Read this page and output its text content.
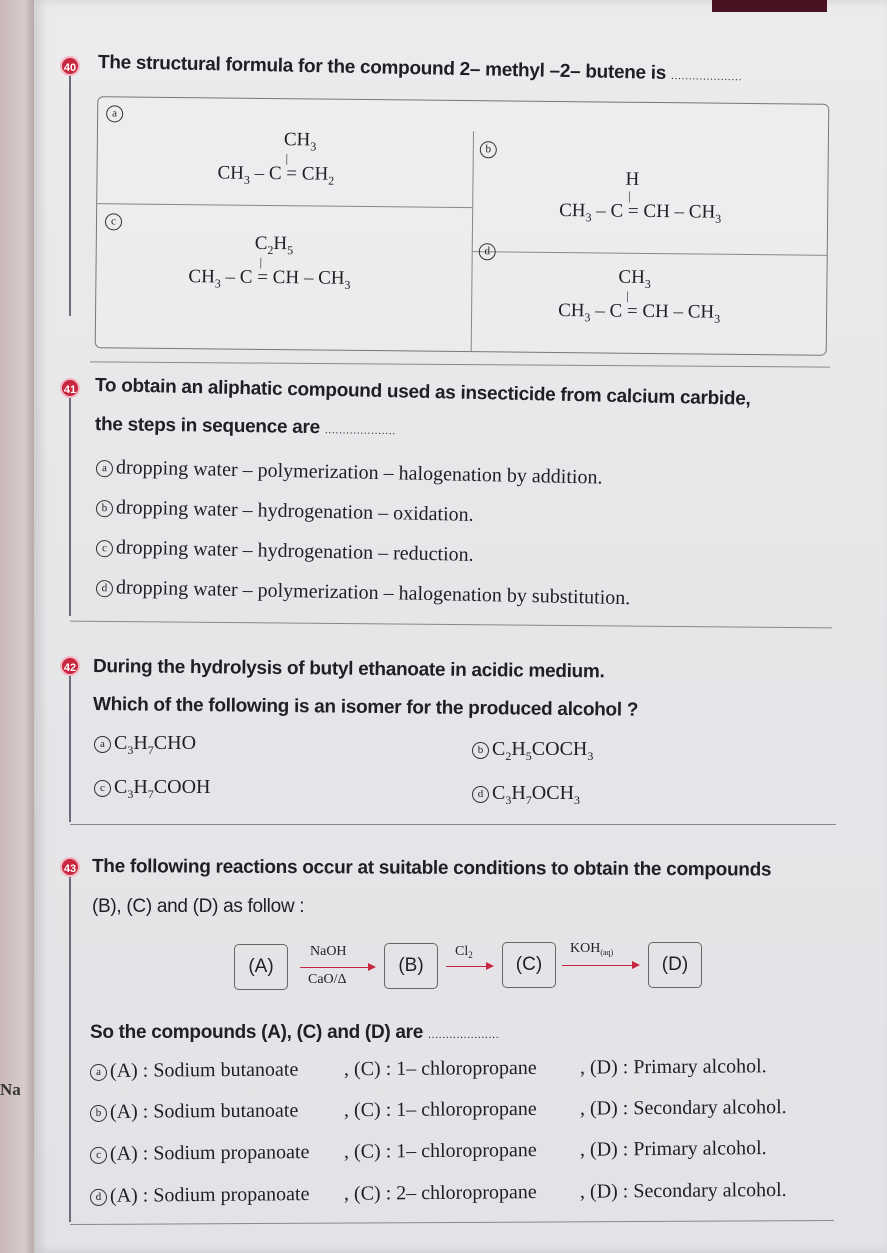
Na
40 The structural formula for the compound 2– methyl –2– butene is ....................
a
$CH_3$
|
$CH_3 - C = CH_2$
b
H
|
$CH_3$ – C = CH – $CH_3$
c
$C_2H_5$
|
$CH_3$ – C = CH – $CH_3$
d
$CH_3$
|
$CH_3$ – C = CH – $CH_3$
41 To obtain an aliphatic compound used as insecticide from calcium carbide,
the steps in sequence are ....................
a dropping water – polymerization – halogenation by addition.
b dropping water – hydrogenation – oxidation.
c dropping water – hydrogenation – reduction.
d dropping water – polymerization – halogenation by substitution.
42 During the hydrolysis of butyl ethanoate in acidic medium.
Which of the following is an isomer for the produced alcohol ?
a $C_3H_7CHO$	b $C_2H_5COCH_3$
c $C_3H_7COOH$	d $C_3H_7OCH_3$
43 The following reactions occur at suitable conditions to obtain the compounds
(B), (C) and (D) as follow :
(A)
NaOH
CaO/Δ
(B)
$Cl_2$ →	(C)
$KOH_{(aq)}$
(D)
So the compounds (A), (C) and (D) are ....................
a (A) : Sodium butanoate , (C) : 1– chloropropane , (D) : Primary alcohol.
b (A) : Sodium butanoate , (C) : 1– chloropropane , (D) : Secondary alcohol.
c (A) : Sodium propanoate , (C) : 1– chloropropane , (D) : Primary alcohol.
d (A) : Sodium propanoate , (C) : 2– chloropropane , (D) : Secondary alcohol.
